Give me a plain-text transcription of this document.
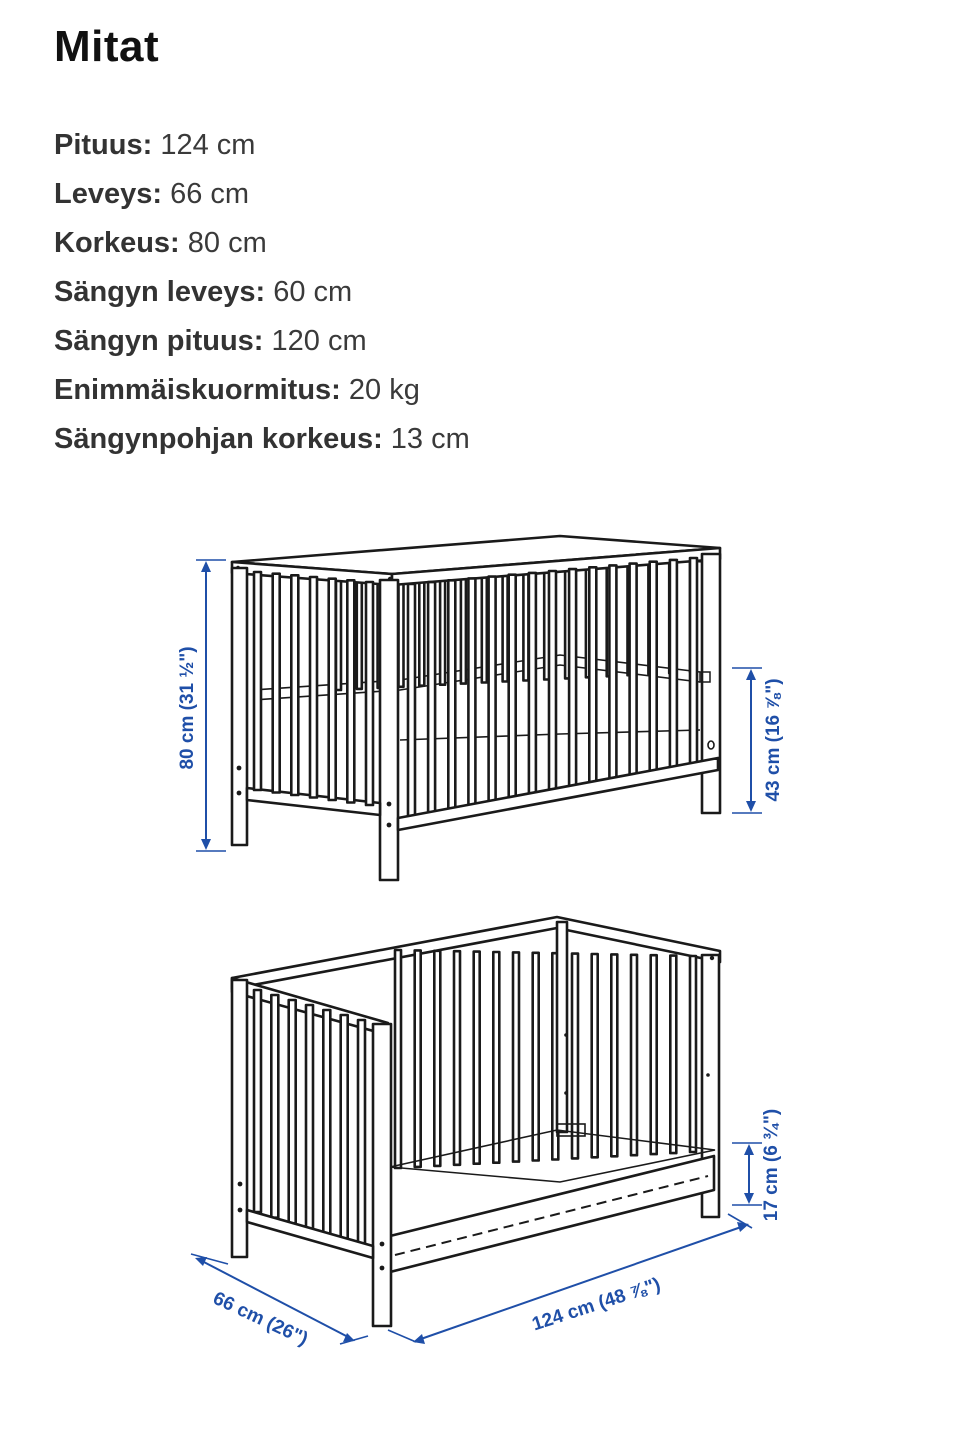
Mitat
Pituus: 124 cm
Leveys: 66 cm
Korkeus: 80 cm
Sängyn leveys: 60 cm
Sängyn pituus: 120 cm
Enimmäiskuormitus: 20 kg
Sängynpohjan korkeus: 13 cm
80 cm (31 ½")	43 cm (16 ⅞")
17 cm (6 ¾")
66 cm (26")	124 cm (48 ⅞")
